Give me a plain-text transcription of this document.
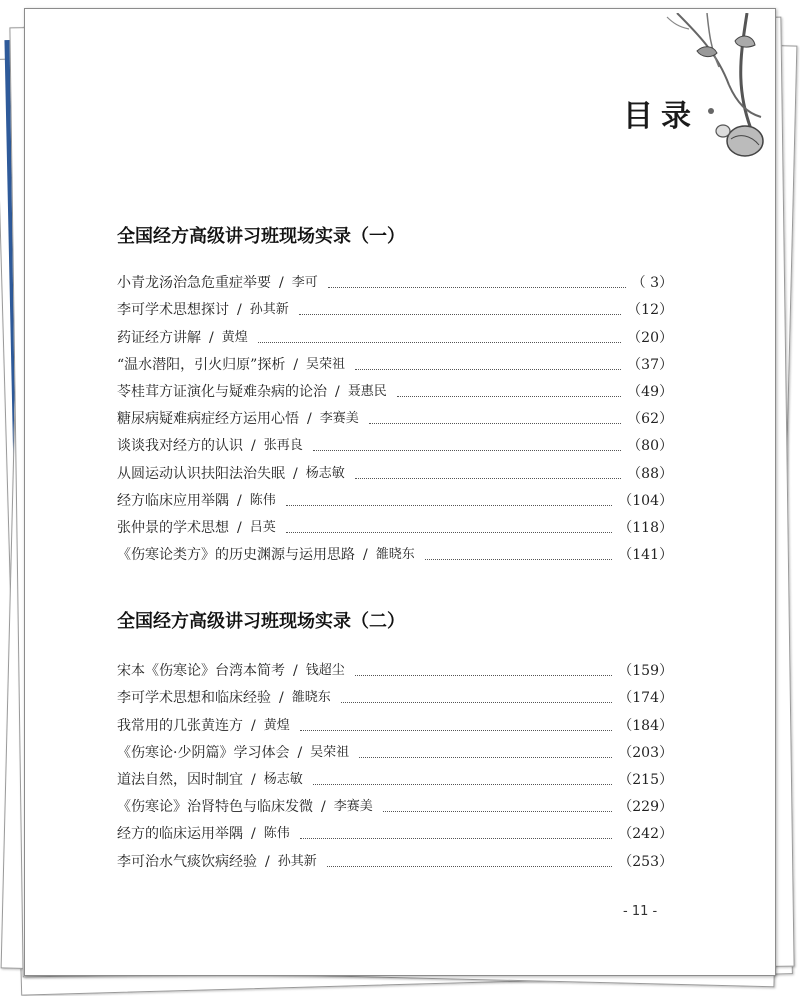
目录
全国经方高级讲习班现场实录（一）
小青龙汤治急危重症举要 / 李可	（ 3）
李可学术思想探讨 / 孙其新	（12）
药证经方讲解 / 黄煌	（20）
“温水潜阳，引火归原”探析 / 吴荣祖	（37）
苓桂茸方证演化与疑难杂病的论治 / 聂惠民	（49）
糖尿病疑难病症经方运用心悟 / 李赛美	（62）
谈谈我对经方的认识 / 张再良	（80）
从圆运动认识扶阳法治失眠 / 杨志敏	（88）
经方临床应用举隅 / 陈伟	（104）
张仲景的学术思想 / 吕英	（118）
《伤寒论类方》的历史渊源与运用思路 / 雒晓东	（141）
全国经方高级讲习班现场实录（二）
宋本《伤寒论》台湾本简考 / 钱超尘	（159）
李可学术思想和临床经验 / 雒晓东	（174）
我常用的几张黄连方 / 黄煌	（184）
《伤寒论·少阴篇》学习体会 / 吴荣祖	（203）
道法自然，因时制宜 / 杨志敏	（215）
《伤寒论》治肾特色与临床发微 / 李赛美	（229）
经方的临床运用举隅 / 陈伟	（242）
李可治水气痰饮病经验 / 孙其新	（253）
- 11 -
